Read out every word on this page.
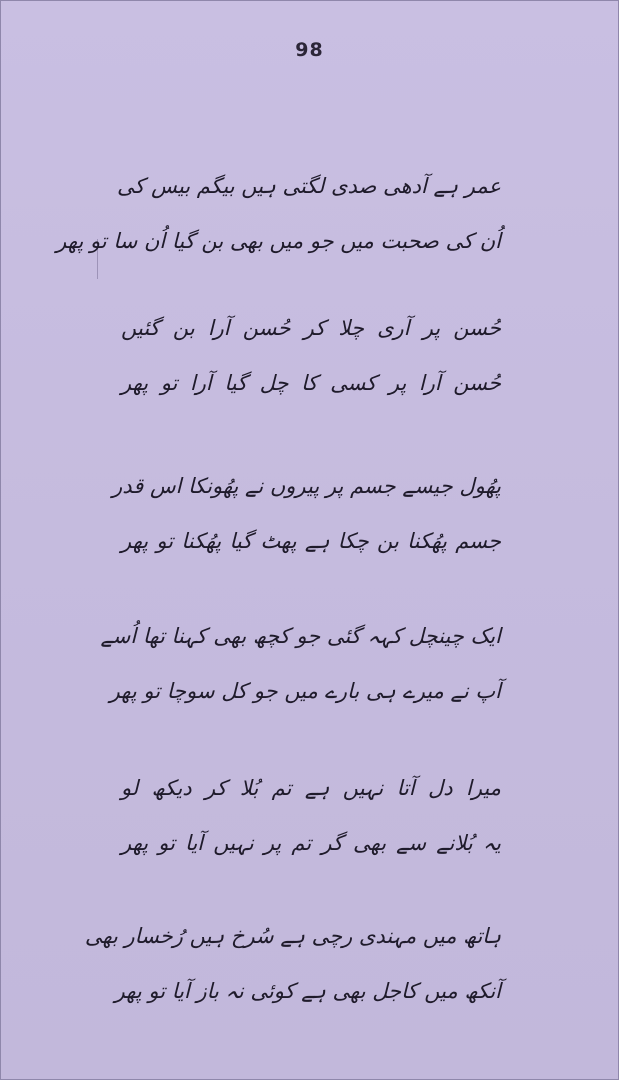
98
عمر ہے آدھی صدی لگتی ہیں بیگم بیس کی
اُن کی صحبت میں جو میں بھی بن گیا اُن سا تو پھر
حُسن پر آری چلا کر حُسن آرا بن گئیں
حُسن آرا پر کسی کا چل گیا آرا تو پھر
پھُول جیسے جسم پر پیروں نے پھُونکا اس قدر
جسم پھُکنا بن چکا ہے پھٹ گیا پھُکنا تو پھر
ایک چینچل کہہ گئی جو کچھ بھی کہنا تھا اُسے
آپ نے میرے ہی بارے میں جو کل سوچا تو پھر
میرا دل آتا نہیں ہے تم بُلا کر دیکھ لو
یہ بُلانے سے بھی گر تم پر نہیں آیا تو پھر
ہاتھ میں مہندی رچی ہے سُرخ ہیں رُخسار بھی
آنکھ میں کاجل بھی ہے کوئی نہ باز آیا تو پھر
